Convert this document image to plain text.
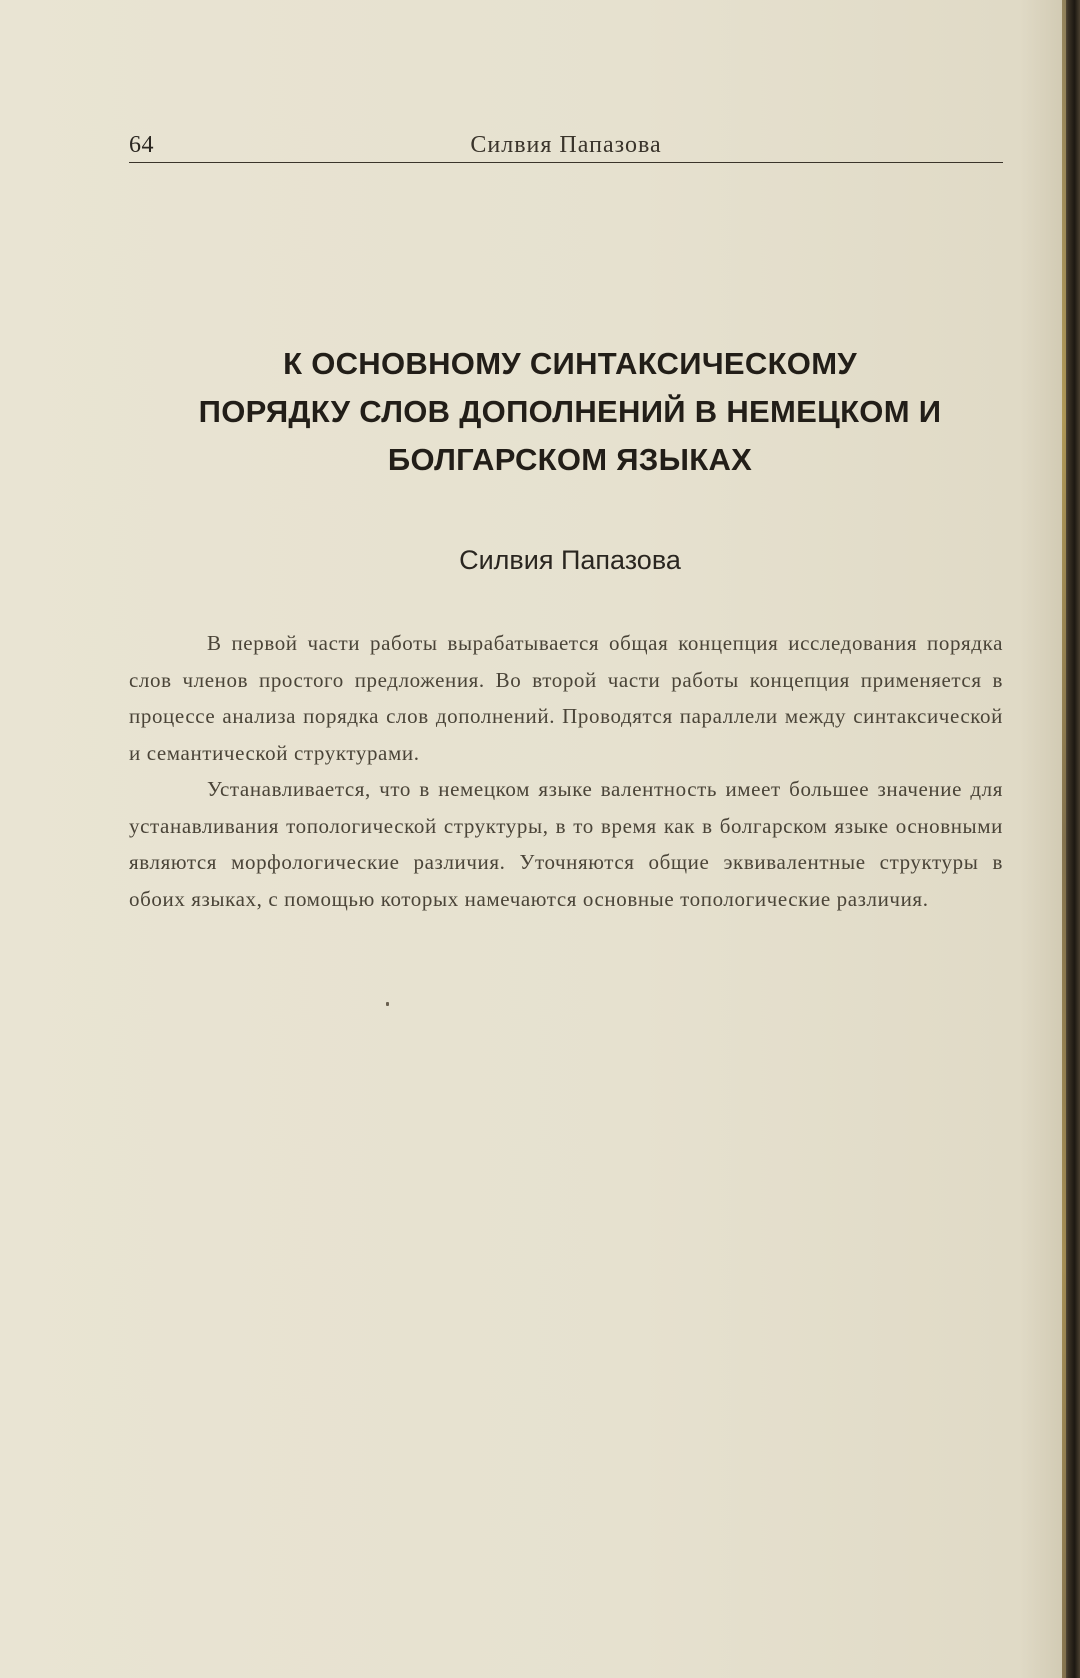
64	Силвия Папазова
К ОСНОВНОМУ СИНТАКСИЧЕСКОМУ
ПОРЯДКУ СЛОВ ДОПОЛНЕНИЙ В НЕМЕЦКОМ И
БОЛГАРСКОМ ЯЗЫКАХ
Силвия Папазова

В первой части работы вырабатывается общая концепция исследования порядка слов членов простого предложения. Во второй части работы концепция применяется в процессе анализа порядка слов дополнений. Проводятся параллели между синтаксической и семантической структурами.

Устанавливается, что в немецком языке валентность имеет большее значение для устанавливания топологической структуры, в то время как в болгарском языке основными являются морфологические различия. Уточняются общие эквивалентные структуры в обоих языках, с помощью которых намечаются основные топологические различия.
